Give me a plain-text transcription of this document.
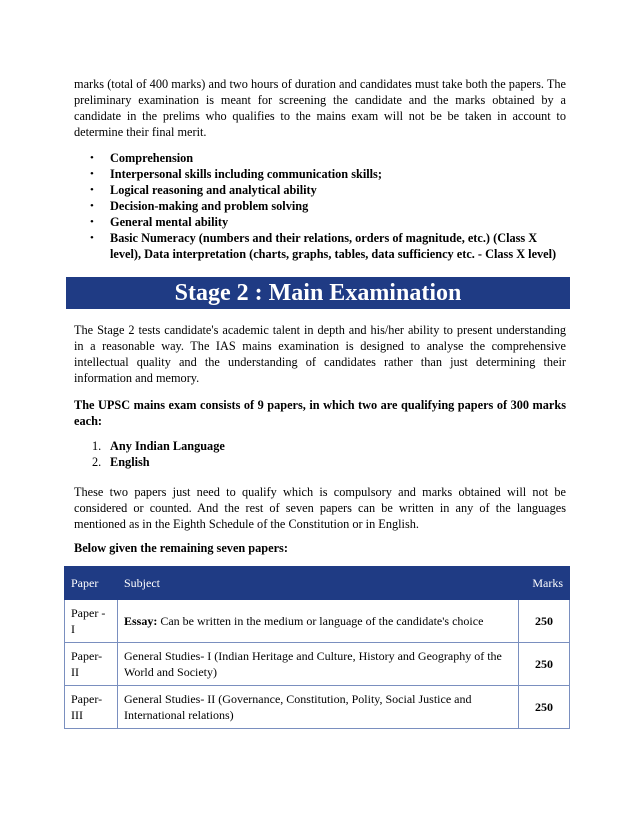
marks (total of 400 marks) and two hours of duration and candidates must take both the papers. The preliminary examination is meant for screening the candidate and the marks obtained by a candidate in the prelims who qualifies to the mains exam will not be be taken in account to determine their final merit.

• Comprehension
• Interpersonal skills including communication skills;
• Logical reasoning and analytical ability
• Decision-making and problem solving
• General mental ability
• Basic Numeracy (numbers and their relations, orders of magnitude, etc.) (Class X level), Data interpretation (charts, graphs, tables, data sufficiency etc. - Class X level)
Stage 2 : Main Examination

The Stage 2 tests candidate's academic talent in depth and his/her ability to present understanding in a reasonable way. The IAS mains examination is designed to analyse the comprehensive intellectual quality and the understanding of candidates rather than just determining their information and memory.

The UPSC mains exam consists of 9 papers, in which two are qualifying papers of 300 marks each:

1. Any Indian Language
2. English

These two papers just need to qualify which is compulsory and marks obtained will not be considered or counted. And the rest of seven papers can be written in any of the languages mentioned as in the Eighth Schedule of the Constitution or in English.

Below given the remaining seven papers:

Paper	Subject	Marks
Paper - I	Essay: Can be written in the medium or language of the candidate's choice	250
Paper- II	General Studies- I (Indian Heritage and Culture, History and Geography of the World and Society)	250
Paper- III	General Studies- II (Governance, Constitution, Polity, Social Justice and International relations)	250
